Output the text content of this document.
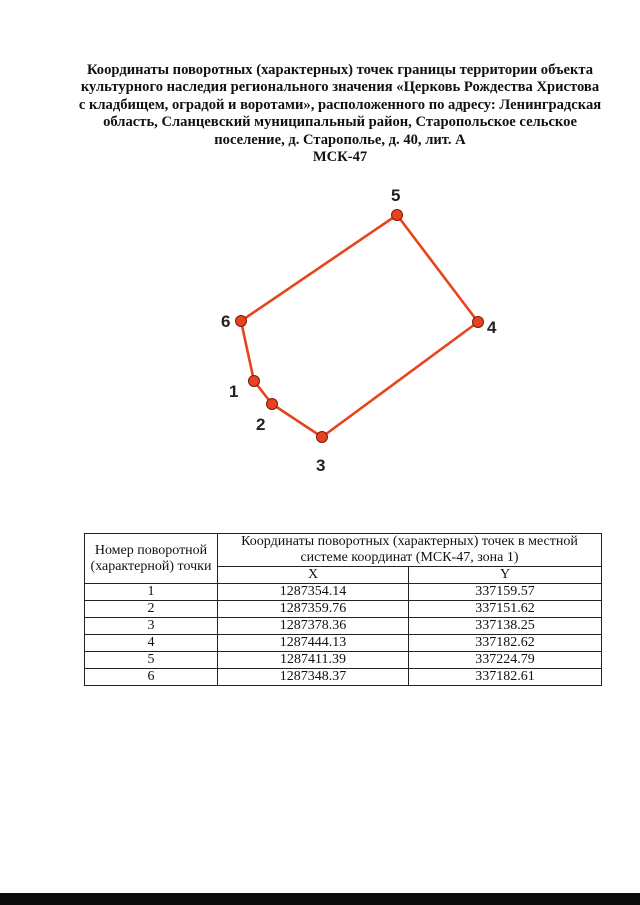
Координаты поворотных (характерных) точек границы территории объекта
культурного наследия регионального значения «Церковь Рождества Христова
с кладбищем, оградой и воротами», расположенного по адресу: Ленинградская
область, Сланцевский муниципальный район, Старопольское сельское
поселение, д. Старополье, д. 40, лит. А
МСК-47
1
2
3
4
5
6
Номер поворотной (характерной) точки	Координаты поворотных (характерных) точек в местной системе координат (МСК-47, зона 1)	
	X	Y
1	1287354.14	337159.57
2	1287359.76	337151.62
3	1287378.36	337138.25
4	1287444.13	337182.62
5	1287411.39	337224.79
6	1287348.37	337182.61
